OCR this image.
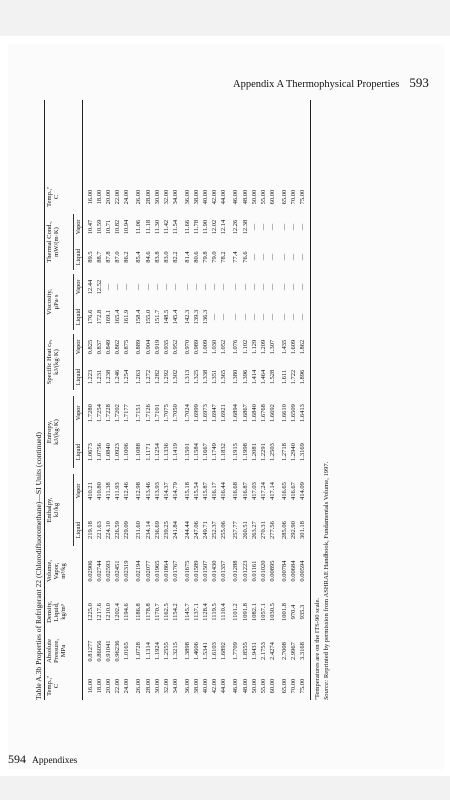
Appendix A Thermophysical Properties 593
Table A.3b Properties of Refrigerant 22 (Chlorodifluoromethane)—SI Units (continued) Temp.,ª C
Absolute Pressure, MPa
Density, Liquid, kg/m³
Volume, Vapor, m³/kg
Enthalpy, kJ/kg
Liquid
Vapor
Entropy, kJ/(kg·K)
Liquid
Vapor
Specific Heat cₚ, kJ/(kg·K)
Liquid
Vapor
Viscosity, μPa·s
Liquid
Vapor
Thermal Cond., mW/(m·K)
Liquid
Vapor
Temp.,ª C
16.00
0.81277
1225.0
0.02906
219.18
410.21
1.0673
1.7280
1.223
0.825
176.6
12.44
89.5
10.47
16.00
18.00
0.86056
1217.6
0.02744
221.63
410.80
1.0756
1.7254
1.231
0.837
172.8
12.52
88.7
10.59
18.00
20.00
0.91041
1210.0
0.02593
224.10
411.38
1.0840
1.7228
1.238
0.849
169.1
—
87.8
10.71
20.00
22.00
0.96236
1202.4
0.02451
226.59
411.93
1.0923
1.7202
1.246
0.862
165.4
—
87.0
10.82
22.00
24.00
1.0165
1194.6
0.02319
229.09
412.46
1.1006
1.7177
1.254
0.875
161.9
—
86.2
10.94
24.00
26.00
1.0728
1186.8
0.02194
231.60
412.98
1.1088
1.7151
1.263
0.889
158.4
—
85.4
11.06
26.00
28.00
1.1314
1178.8
0.02077
234.14
413.46
1.1171
1.7126
1.272
0.904
155.0
—
84.6
11.18
28.00
30.00
1.1924
1170.7
0.01965
236.69
413.93
1.1254
1.7101
1.282
0.919
151.7
—
83.8
11.30
30.00
32.00
1.2555
1162.5
0.01864
239.25
414.37
1.1336
1.7075
1.292
0.935
148.5
—
83.0
11.42
32.00
34.00
1.3215
1154.2
0.01767
241.84
414.79
1.1419
1.7050
1.302
0.952
145.4
—
82.2
11.54
34.00
36.00
1.3898
1145.7
0.01675
244.44
415.18
1.1501
1.7024
1.313
0.970
142.3
—
81.4
11.66
36.00
38.00
1.4606
1137.1
0.01589
247.06
415.54
1.1584
1.6999
1.325
0.989
139.3
—
80.6
11.78
38.00
40.00
1.5341
1128.4
0.01507
249.71
415.87
1.1667
1.6973
1.338
1.009
136.3
—
79.8
11.90
40.00
42.00
1.6103
1119.5
0.01430
252.37
416.17
1.1749
1.6947
1.351
1.030
—
—
79.0
12.02
42.00
44.00
1.6892
1110.4
0.01357
255.06
416.44
1.1832
1.6921
1.365
1.052
—
—
78.2
12.14
44.00
46.00
1.7709
1101.2
0.01288
257.77
416.68
1.1915
1.6894
1.380
1.076
—
—
77.4
12.26
46.00
48.00
1.8555
1091.8
0.01223
260.51
416.87
1.1998
1.6867
1.396
1.102
—
—
76.6
12.38
48.00
50.00
1.9431
1082.1
0.01161
263.27
417.03
1.2081
1.6840
1.414
1.129
—
—
—
—
50.00
55.00
2.1753
1057.1
0.01020
270.31
417.24
1.2291
1.6768
1.464
1.209
—
—
—
—
55.00
60.00
2.4274
1030.5
0.00895
277.56
417.14
1.2503
1.6692
1.528
1.307
—
—
—
—
60.00
65.00
2.7008
1001.8
0.00784
285.06
416.65
1.2718
1.6610
1.611
1.435
—
—
—
—
65.00
70.00
2.9967
970.4
0.00684
292.90
416.67
1.2940
1.6509
1.722
1.609
—
—
—
—
70.00
75.00
3.3168
935.3
0.00594
301.18
414.09
1.3169
1.6413
1.896
1.862
—
—
—
—
75.00
ªTemperatures are on the ITS-90 scale. Source: Reprinted by permission from ASHRAE Handbook, Fundamentals Volume, 1997.
594 Appendixes
